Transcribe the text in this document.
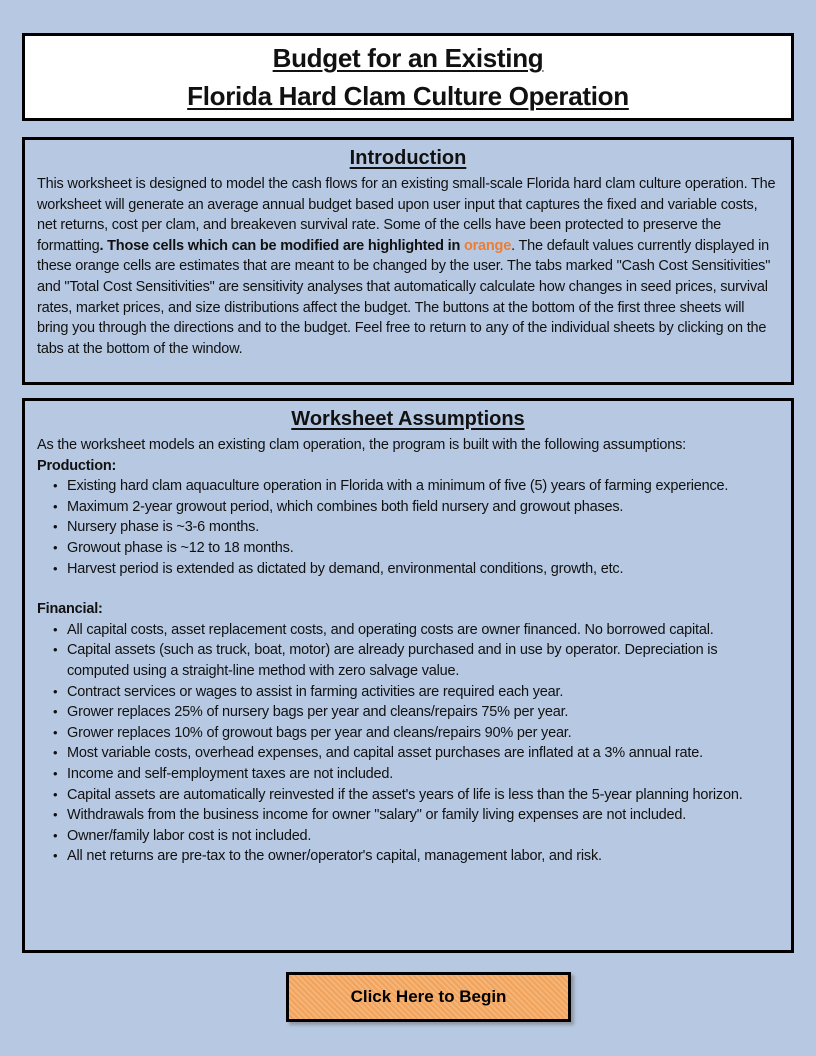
Budget for an Existing
Florida Hard Clam Culture Operation
Introduction

This worksheet is designed to model the cash flows for an existing small-scale Florida hard clam culture operation. The worksheet will generate an average annual budget based upon user input that captures the fixed and variable costs, net returns, cost per clam, and breakeven survival rate. Some of the cells have been protected to preserve the formatting. Those cells which can be modified are highlighted in orange. The default values currently displayed in these orange cells are estimates that are meant to be changed by the user. The tabs marked "Cash Cost Sensitivities" and "Total Cost Sensitivities" are sensitivity analyses that automatically calculate how changes in seed prices, survival rates, market prices, and size distributions affect the budget. The buttons at the bottom of the first three sheets will bring you through the directions and to the budget. Feel free to return to any of the individual sheets by clicking on the tabs at the bottom of the window.

Worksheet Assumptions

As the worksheet models an existing clam operation, the program is built with the following assumptions:

Production:

• Existing hard clam aquaculture operation in Florida with a minimum of five (5) years of farming experience.
• Maximum 2-year growout period, which combines both field nursery and growout phases.
• Nursery phase is ~3-6 months.
• Growout phase is ~12 to 18 months.
• Harvest period is extended as dictated by demand, environmental conditions, growth, etc.

Financial:

• All capital costs, asset replacement costs, and operating costs are owner financed. No borrowed capital.
• Capital assets (such as truck, boat, motor) are already purchased and in use by operator. Depreciation is computed using a straight-line method with zero salvage value.
• Contract services or wages to assist in farming activities are required each year.
• Grower replaces 25% of nursery bags per year and cleans/repairs 75% per year.
• Grower replaces 10% of growout bags per year and cleans/repairs 90% per year.
• Most variable costs, overhead expenses, and capital asset purchases are inflated at a 3% annual rate.
• Income and self-employment taxes are not included.
• Capital assets are automatically reinvested if the asset's years of life is less than the 5-year planning horizon.
• Withdrawals from the business income for owner "salary" or family living expenses are not included.
• Owner/family labor cost is not included.
• All net returns are pre-tax to the owner/operator's capital, management labor, and risk.
Click Here to Begin
